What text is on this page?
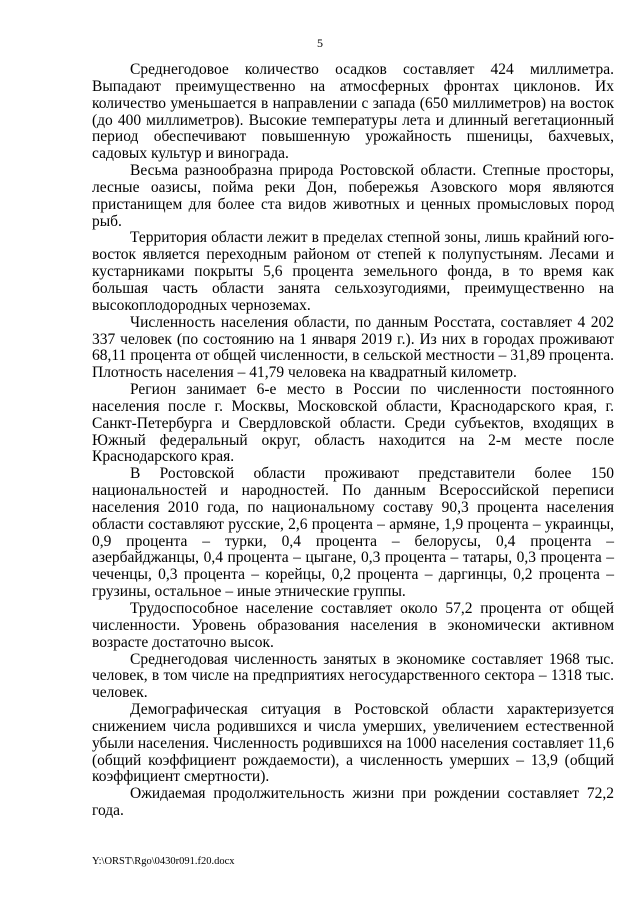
5

Среднегодовое количество осадков составляет 424 миллиметра. Выпадают преимущественно на атмосферных фронтах циклонов. Их количество уменьшается в направлении с запада (650 миллиметров) на восток (до 400 миллиметров). Высокие температуры лета и длинный вегетационный период обеспечивают повышенную урожайность пшеницы, бахчевых, садовых культур и винограда.

Весьма разнообразна природа Ростовской области. Степные просторы, лесные оазисы, пойма реки Дон, побережья Азовского моря являются пристанищем для более ста видов животных и ценных промысловых пород рыб.

Территория области лежит в пределах степной зоны, лишь крайний юго-восток является переходным районом от степей к полупустыням. Лесами и кустарниками покрыты 5,6 процента земельного фонда, в то время как большая часть области занята сельхозугодиями, преимущественно на высокоплодородных черноземах.

Численность населения области, по данным Росстата, составляет 4 202 337 человек (по состоянию на 1 января 2019 г.). Из них в городах проживают 68,11 процента от общей численности, в сельской местности – 31,89 процента. Плотность населения – 41,79 человека на квадратный километр.

Регион занимает 6-е место в России по численности постоянного населения после г. Москвы, Московской области, Краснодарского края, г. Санкт-Петербурга и Свердловской области. Среди субъектов, входящих в Южный федеральный округ, область находится на 2-м месте после Краснодарского края.

В Ростовской области проживают представители более 150 национальностей и народностей. По данным Всероссийской переписи населения 2010 года, по национальному составу 90,3 процента населения области составляют русские, 2,6 процента – армяне, 1,9 процента – украинцы, 0,9 процента – турки, 0,4 процента – белорусы, 0,4 процента – азербайджанцы, 0,4 процента – цыгане, 0,3 процента – татары, 0,3 процента – чеченцы, 0,3 процента – корейцы, 0,2 процента – даргинцы, 0,2 процента – грузины, остальное – иные этнические группы.

Трудоспособное население составляет около 57,2 процента от общей численности. Уровень образования населения в экономически активном возрасте достаточно высок.

Среднегодовая численность занятых в экономике составляет 1968 тыс. человек, в том числе на предприятиях негосударственного сектора – 1318 тыс. человек.

Демографическая ситуация в Ростовской области характеризуется снижением числа родившихся и числа умерших, увеличением естественной убыли населения. Численность родившихся на 1000 населения составляет 11,6 (общий коэффициент рождаемости), а численность умерших – 13,9 (общий коэффициент смертности).

Ожидаемая продолжительность жизни при рождении составляет 72,2 года.

Y:\ORST\Rgo\0430r091.f20.docx
